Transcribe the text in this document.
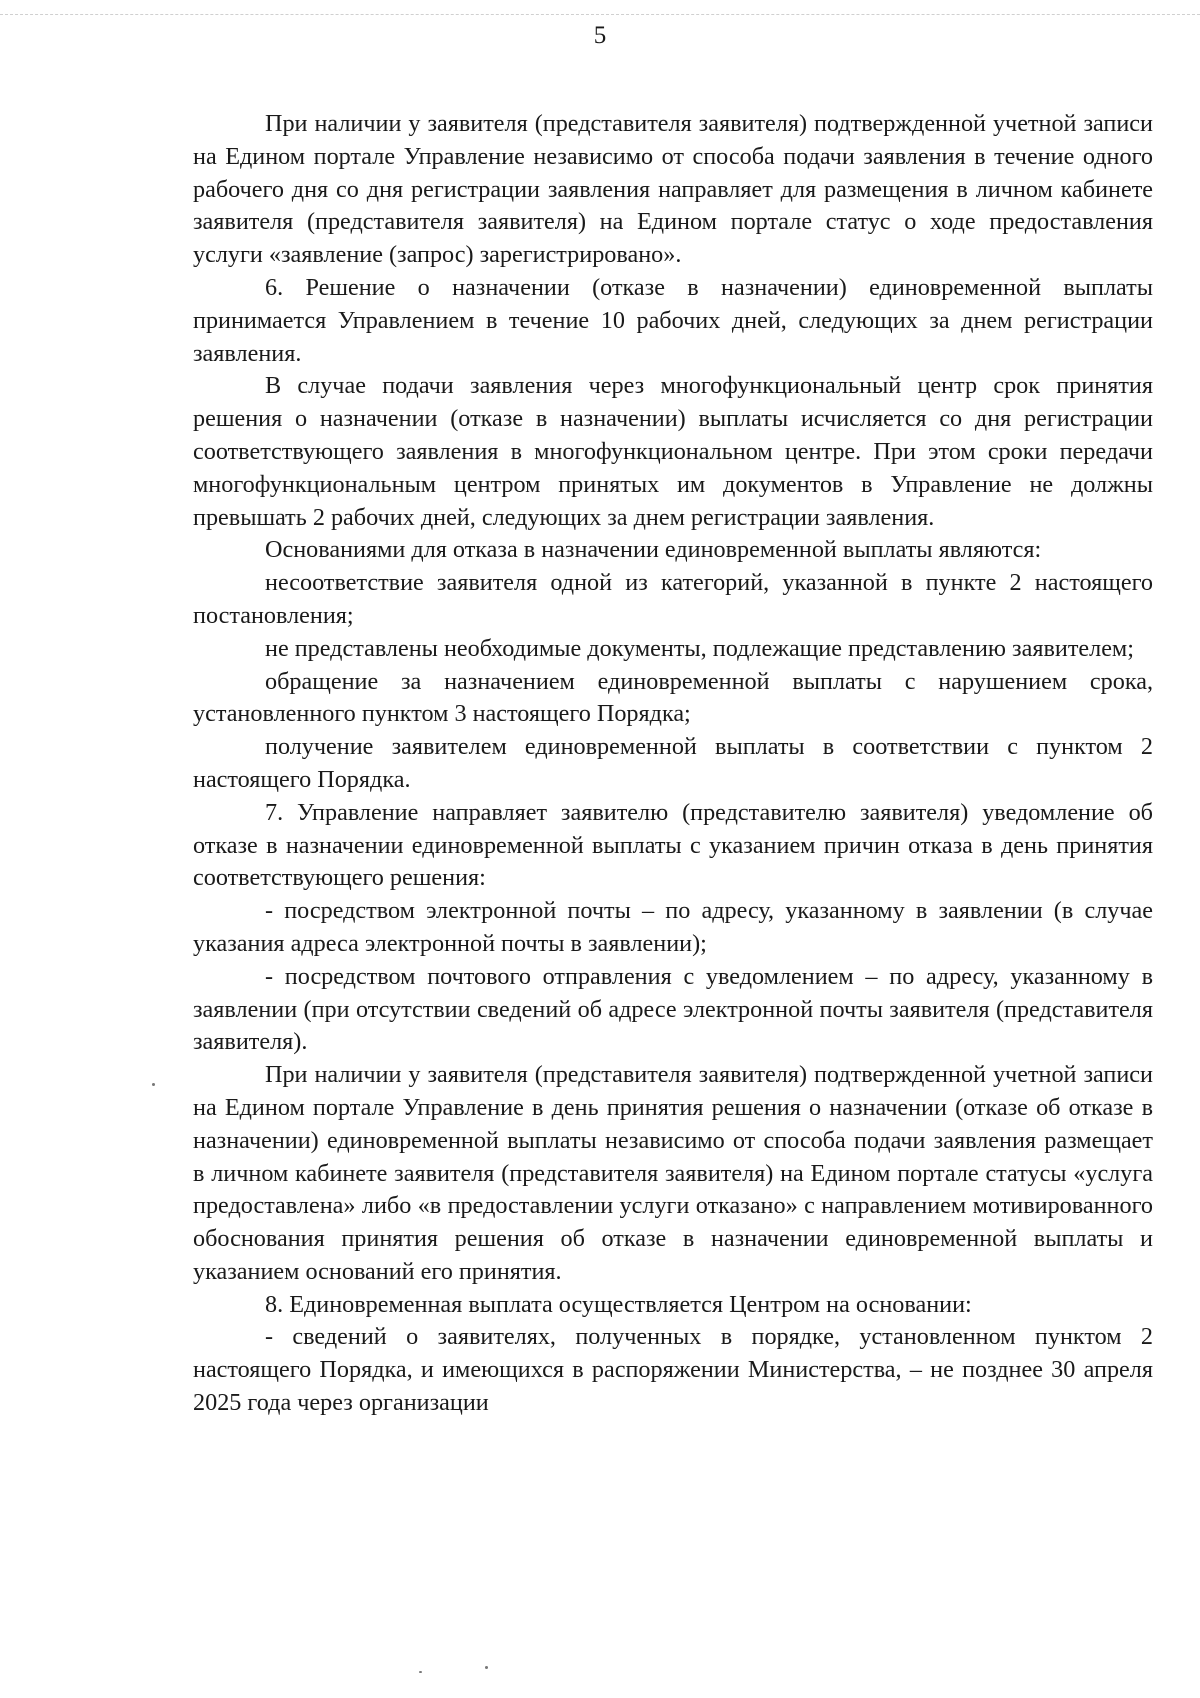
5

При наличии у заявителя (представителя заявителя) подтвержденной учетной записи на Едином портале Управление независимо от способа подачи заявления в течение одного рабочего дня со дня регистрации заявления направляет для размещения в личном кабинете заявителя (представителя заявителя) на Едином портале статус о ходе предоставления услуги «заявление (запрос) зарегистрировано».

6. Решение о назначении (отказе в назначении) единовременной выплаты принимается Управлением в течение 10 рабочих дней, следующих за днем регистрации заявления.

В случае подачи заявления через многофункциональный центр срок принятия решения о назначении (отказе в назначении) выплаты исчисляется со дня регистрации соответствующего заявления в многофункциональном центре. При этом сроки передачи многофункциональным центром принятых им документов в Управление не должны превышать 2 рабочих дней, следующих за днем регистрации заявления.

Основаниями для отказа в назначении единовременной выплаты являются:

несоответствие заявителя одной из категорий, указанной в пункте 2 настоящего постановления;

не представлены необходимые документы, подлежащие представлению заявителем;

обращение за назначением единовременной выплаты с нарушением срока, установленного пунктом 3 настоящего Порядка;

получение заявителем единовременной выплаты в соответствии с пунктом 2 настоящего Порядка.

7. Управление направляет заявителю (представителю заявителя) уведомление об отказе в назначении единовременной выплаты с указанием причин отказа в день принятия соответствующего решения:

- посредством электронной почты – по адресу, указанному в заявлении (в случае указания адреса электронной почты в заявлении);

- посредством почтового отправления с уведомлением – по адресу, указанному в заявлении (при отсутствии сведений об адресе электронной почты заявителя (представителя заявителя).

При наличии у заявителя (представителя заявителя) подтвержденной учетной записи на Едином портале Управление в день принятия решения о назначении (отказе об отказе в назначении) единовременной выплаты независимо от способа подачи заявления размещает в личном кабинете заявителя (представителя заявителя) на Едином портале статусы «услуга предоставлена» либо «в предоставлении услуги отказано» с направлением мотивированного обоснования принятия решения об отказе в назначении единовременной выплаты и указанием оснований его принятия.

8. Единовременная выплата осуществляется Центром на основании:

- сведений о заявителях, полученных в порядке, установленном пунктом 2 настоящего Порядка, и имеющихся в распоряжении Министерства, – не позднее 30 апреля 2025 года через организации
